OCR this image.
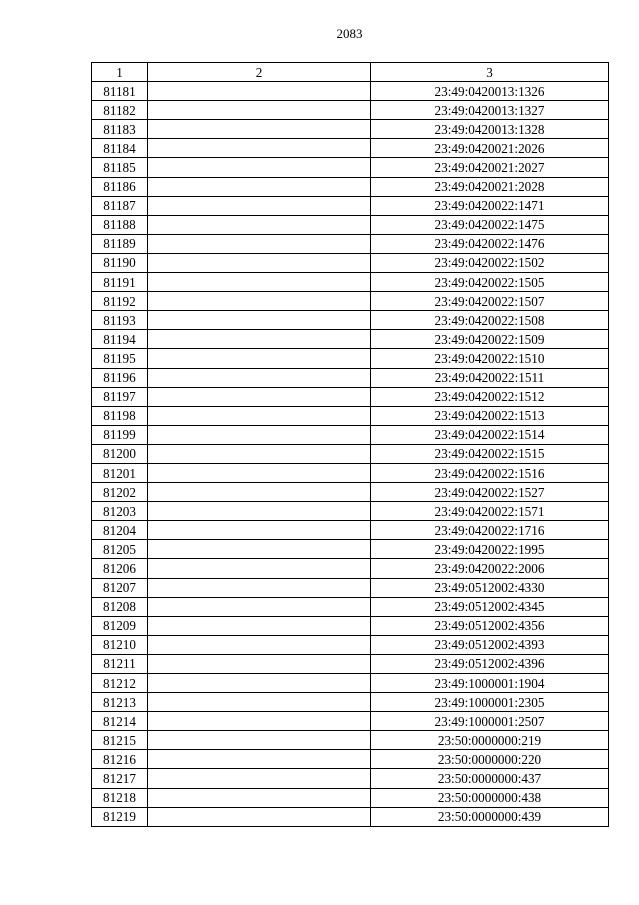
2083
1	2	3
81181		23:49:0420013:1326
81182		23:49:0420013:1327
81183		23:49:0420013:1328
81184		23:49:0420021:2026
81185		23:49:0420021:2027
81186		23:49:0420021:2028
81187		23:49:0420022:1471
81188		23:49:0420022:1475
81189		23:49:0420022:1476
81190		23:49:0420022:1502
81191		23:49:0420022:1505
81192		23:49:0420022:1507
81193		23:49:0420022:1508
81194		23:49:0420022:1509
81195		23:49:0420022:1510
81196		23:49:0420022:1511
81197		23:49:0420022:1512
81198		23:49:0420022:1513
81199		23:49:0420022:1514
81200		23:49:0420022:1515
81201		23:49:0420022:1516
81202		23:49:0420022:1527
81203		23:49:0420022:1571
81204		23:49:0420022:1716
81205		23:49:0420022:1995
81206		23:49:0420022:2006
81207		23:49:0512002:4330
81208		23:49:0512002:4345
81209		23:49:0512002:4356
81210		23:49:0512002:4393
81211		23:49:0512002:4396
81212		23:49:1000001:1904
81213		23:49:1000001:2305
81214		23:49:1000001:2507
81215		23:50:0000000:219
81216		23:50:0000000:220
81217		23:50:0000000:437
81218		23:50:0000000:438
81219		23:50:0000000:439
